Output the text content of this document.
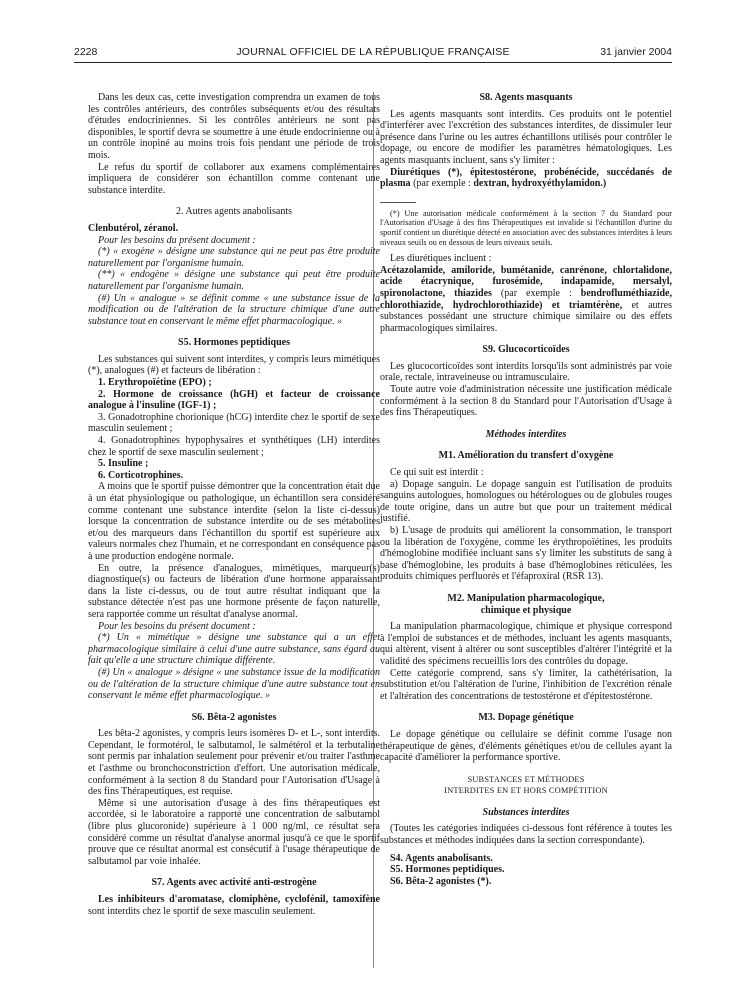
2228	JOURNAL OFFICIEL DE LA RÉPUBLIQUE FRANÇAISE	31 janvier 2004

Dans les deux cas, cette investigation comprendra un examen de tous les contrôles antérieurs, des contrôles subséquents et/ou des résultats d'études endocriniennes. Si les contrôles antérieurs ne sont pas disponibles, le sportif devra se soumettre à une étude endocrinienne ou à un contrôle inopiné au moins trois fois pendant une période de trois mois.

Le refus du sportif de collaborer aux examens complémentaires impliquera de considérer son échantillon comme contenant une substance interdite.

2. Autres agents anabolisants

Clenbutérol, zéranol.

Pour les besoins du présent document :

(*) « exogène » désigne une substance qui ne peut pas être produite naturellement par l'organisme humain.

(**) « endogène » désigne une substance qui peut être produite naturellement par l'organisme humain.

(#) Un « analogue » se définit comme « une substance issue de la modification ou de l'altération de la structure chimique d'une autre substance tout en conservant le même effet pharmacologique. »

S5. Hormones peptidiques

Les substances qui suivent sont interdites, y compris leurs mimétiques (*), analogues (#) et facteurs de libération :

1. Erythropoïétine (EPO) ;

2. Hormone de croissance (hGH) et facteur de croissance analogue à l'insuline (IGF-1) ;

3. Gonadotrophine chorionique (hCG) interdite chez le sportif de sexe masculin seulement ;

4. Gonadotrophines hypophysaires et synthétiques (LH) interdites chez le sportif de sexe masculin seulement ;

5. Insuline ;

6. Corticotrophines.

A moins que le sportif puisse démontrer que la concentration était due à un état physiologique ou pathologique, un échantillon sera considéré comme contenant une substance interdite (selon la liste ci-dessus) lorsque la concentration de substance interdite ou de ses métabolites et/ou des marqueurs dans l'échantillon du sportif est supérieure aux valeurs normales chez l'humain, et ne correspondant en conséquence pas à une production endogène normale.

En outre, la présence d'analogues, mimétiques, marqueur(s) diagnostique(s) ou facteurs de libération d'une hormone apparaissant dans la liste ci-dessus, ou de tout autre résultat indiquant que la substance détectée n'est pas une hormone présente de façon naturelle, sera rapportée comme un résultat d'analyse anormal.

Pour les besoins du présent document :

(*) Un « mimétique » désigne une substance qui a un effet pharmacologique similaire à celui d'une autre substance, sans égard au fait qu'elle a une structure chimique différente.

(#) Un « analogue » désigne « une substance issue de la modification ou de l'altération de la structure chimique d'une autre substance tout en conservant le même effet pharmacologique. »

S6. Bêta-2 agonistes

Les bêta-2 agonistes, y compris leurs isomères D- et L-, sont interdits. Cependant, le formotérol, le salbutamol, le salmétérol et la terbutaline sont permis par inhalation seulement pour prévenir et/ou traiter l'asthme et l'asthme ou bronchoconstriction d'effort. Une autorisation médicale, conformément à la section 8 du Standard pour l'Autorisation d'Usage à des fins Thérapeutiques, est requise.

Même si une autorisation d'usage à des fins thérapeutiques est accordée, si le laboratoire a rapporté une concentration de salbutamol (libre plus glucoronide) supérieure à 1 000 ng/ml, ce résultat sera considéré comme un résultat d'analyse anormal jusqu'à ce que le sportif prouve que ce résultat anormal est consécutif à l'usage thérapeutique de salbutamol par voie inhalée.

S7. Agents avec activité anti-œstrogène

Les inhibiteurs d'aromatase, clomiphène, cyclofénil, tamoxifène sont interdits chez le sportif de sexe masculin seulement.

S8. Agents masquants

Les agents masquants sont interdits. Ces produits ont le potentiel d'interférer avec l'excrétion des substances interdites, de dissimuler leur présence dans l'urine ou les autres échantillons utilisés pour contrôler le dopage, ou encore de modifier les paramètres hématologiques. Les agents masquants incluent, sans s'y limiter :

Diurétiques (*), épitestostérone, probénécide, succédanés de plasma (par exemple : dextran, hydroxyéthylamidon.)

(*) Une autorisation médicale conformément à la section 7 du Standard pour l'Autorisation d'Usage à des fins Thérapeutiques est invalide si l'échantillon d'urine du sportif contient un diurétique détecté en association avec des substances interdites à leurs niveaux seuils ou en dessous de leurs niveaux seuils.

Les diurétiques incluent :

Acétazolamide, amiloride, bumétanide, canrénone, chlortalidone, acide étacrynique, furosémide, indapamide, mersalyl, spironolactone, thiazides (par exemple : bendrofluméthiazide, chlorothiazide, hydrochlorothiazide) et triamtérène, et autres substances possédant une structure chimique similaire ou des effets pharmacologiques similaires.

S9. Glucocorticoïdes

Les glucocorticoïdes sont interdits lorsqu'ils sont administrés par voie orale, rectale, intraveineuse ou intramusculaire.

Toute autre voie d'administration nécessite une justification médicale conformément à la section 8 du Standard pour l'Autorisation d'Usage à des fins Thérapeutiques.

Méthodes interdites

M1. Amélioration du transfert d'oxygène

Ce qui suit est interdit :

a) Dopage sanguin. Le dopage sanguin est l'utilisation de produits sanguins autologues, homologues ou hétérologues ou de globules rouges de toute origine, dans un autre but que pour un traitement médical justifié.

b) L'usage de produits qui améliorent la consommation, le transport ou la libération de l'oxygène, comme les érythropoïétines, les produits d'hémoglobine modifiée incluant sans s'y limiter les substituts de sang à base d'hémoglobine, les produits à base d'hémoglobines réticulées, les produits chimiques perfluorés et l'éfaproxiral (RSR 13).

M2. Manipulation pharmacologique,

chimique et physique

La manipulation pharmacologique, chimique et physique correspond à l'emploi de substances et de méthodes, incluant les agents masquants, qui altèrent, visent à altérer ou sont susceptibles d'altérer l'intégrité et la validité des spécimens recueillis lors des contrôles du dopage.

Cette catégorie comprend, sans s'y limiter, la cathétérisation, la substitution et/ou l'altération de l'urine, l'inhibition de l'excrétion rénale et l'altération des concentrations de testostérone et d'épitestostérone.

M3. Dopage génétique

Le dopage génétique ou cellulaire se définit comme l'usage non thérapeutique de gènes, d'éléments génétiques et/ou de cellules ayant la capacité d'améliorer la performance sportive.

SUBSTANCES ET MÉTHODES

INTERDITES EN ET HORS COMPÉTITION

Substances interdites

(Toutes les catégories indiquées ci-dessous font référence à toutes les substances et méthodes indiquées dans la section correspondante).

S4. Agents anabolisants.

S5. Hormones peptidiques.

S6. Bêta-2 agonistes (*).
